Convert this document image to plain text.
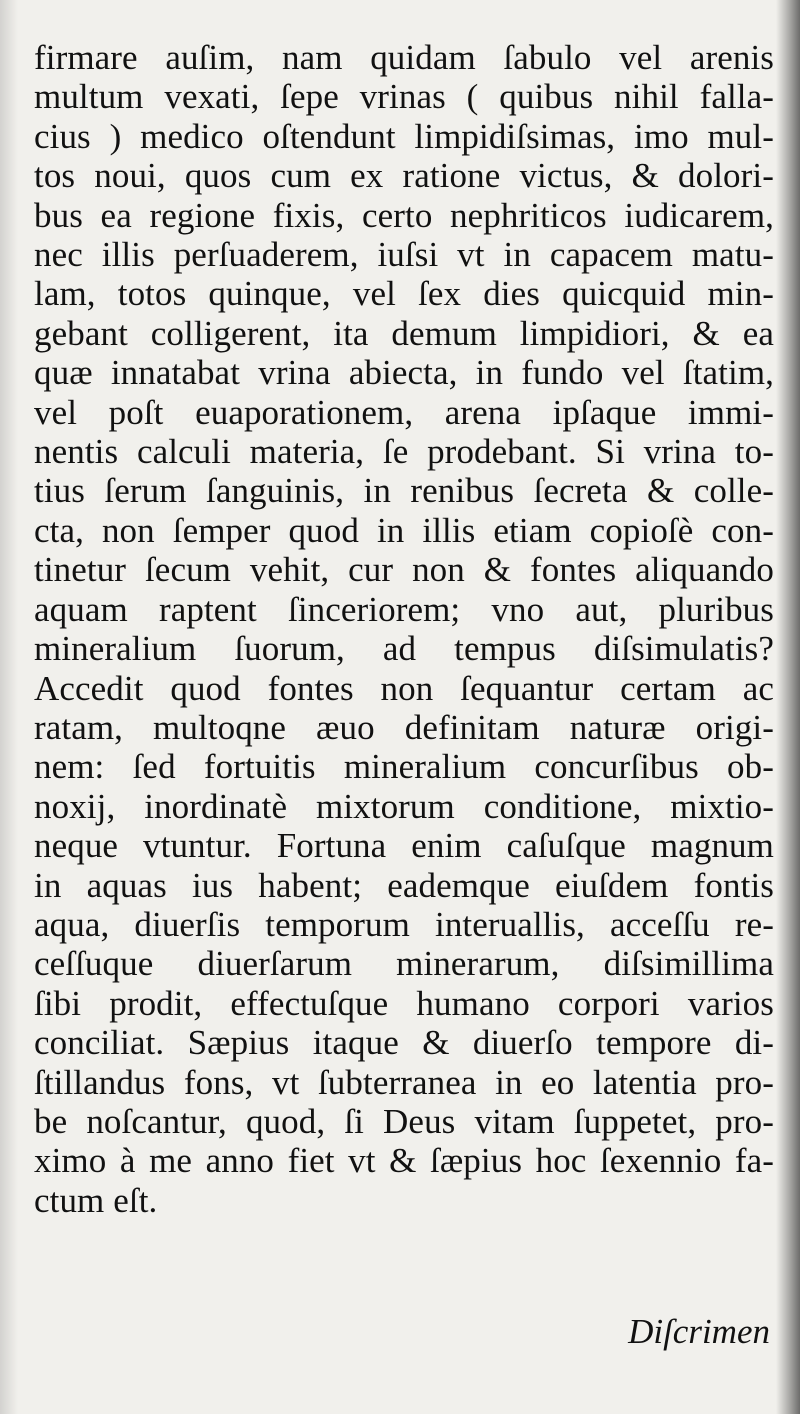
firmare auſim, nam quidam ſabulo vel arenis
multum vexati, ſepe vrinas ( quibus nihil falla-
cius ) medico oſtendunt limpidiſsimas, imo mul-
tos noui, quos cum ex ratione victus, & dolori-
bus ea regione fixis, certo nephriticos iudicarem,
nec illis perſuaderem, iuſsi vt in capacem matu-
lam, totos quinque, vel ſex dies quicquid min-
gebant colligerent, ita demum limpidiori, & ea
quæ innatabat vrina abiecta, in fundo vel ſtatim,
vel poſt euaporationem, arena ipſaque immi-
nentis calculi materia, ſe prodebant. Si vrina to-
tius ſerum ſanguinis, in renibus ſecreta & colle-
cta, non ſemper quod in illis etiam copioſè con-
tinetur ſecum vehit, cur non & fontes aliquando
aquam raptent ſinceriorem; vno aut, pluribus
mineralium ſuorum, ad tempus diſsimulatis?
Accedit quod fontes non ſequantur certam ac
ratam, multoqne æuo definitam naturæ origi-
nem: ſed fortuitis mineralium concurſibus ob-
noxij, inordinatè mixtorum conditione, mixtio-
neque vtuntur. Fortuna enim caſuſque magnum
in aquas ius habent; eademque eiuſdem fontis
aqua, diuerſis temporum interuallis, acceſſu re-
ceſſuque diuerſarum minerarum, diſsimillima
ſibi prodit, effectuſque humano corpori varios
conciliat. Sæpius itaque & diuerſo tempore di-
ſtillandus fons, vt ſubterranea in eo latentia pro-
be noſcantur, quod, ſi Deus vitam ſuppetet, pro-
ximo à me anno fiet vt & ſæpius hoc ſexennio fa-
ctum eſt.
Diſcrimen
